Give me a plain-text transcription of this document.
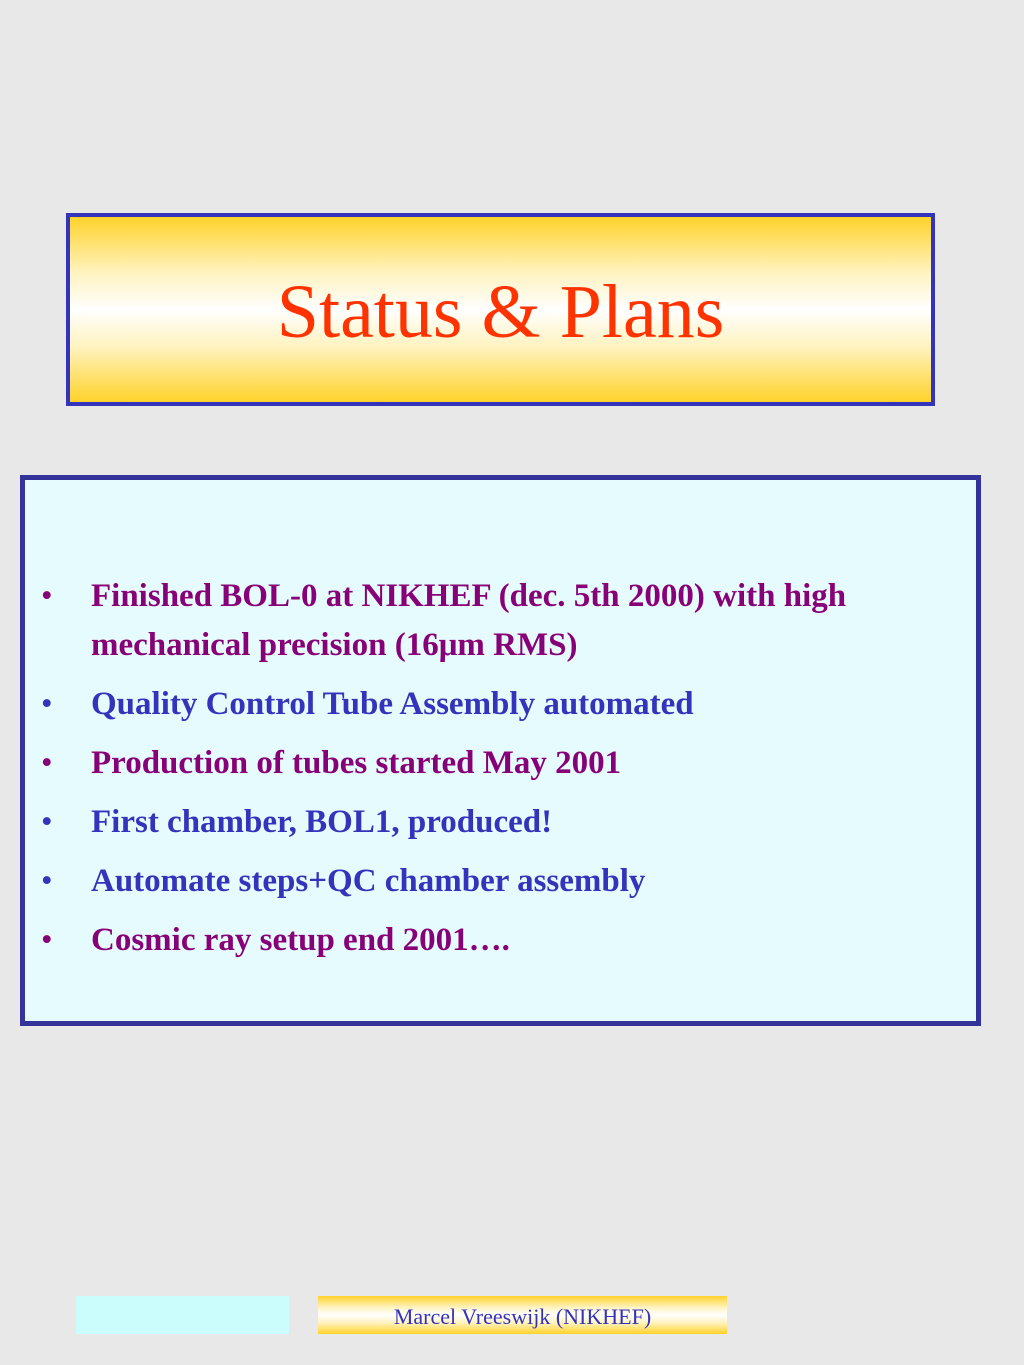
Status & Plans
• Finished BOL-0 at NIKHEF (dec. 5th 2000) with high mechanical precision (16μm RMS)
• Quality Control Tube Assembly automated
• Production of tubes started May 2001
• First chamber, BOL1, produced!
• Automate steps+QC chamber assembly
• Cosmic ray setup end 2001….
Marcel Vreeswijk (NIKHEF)
